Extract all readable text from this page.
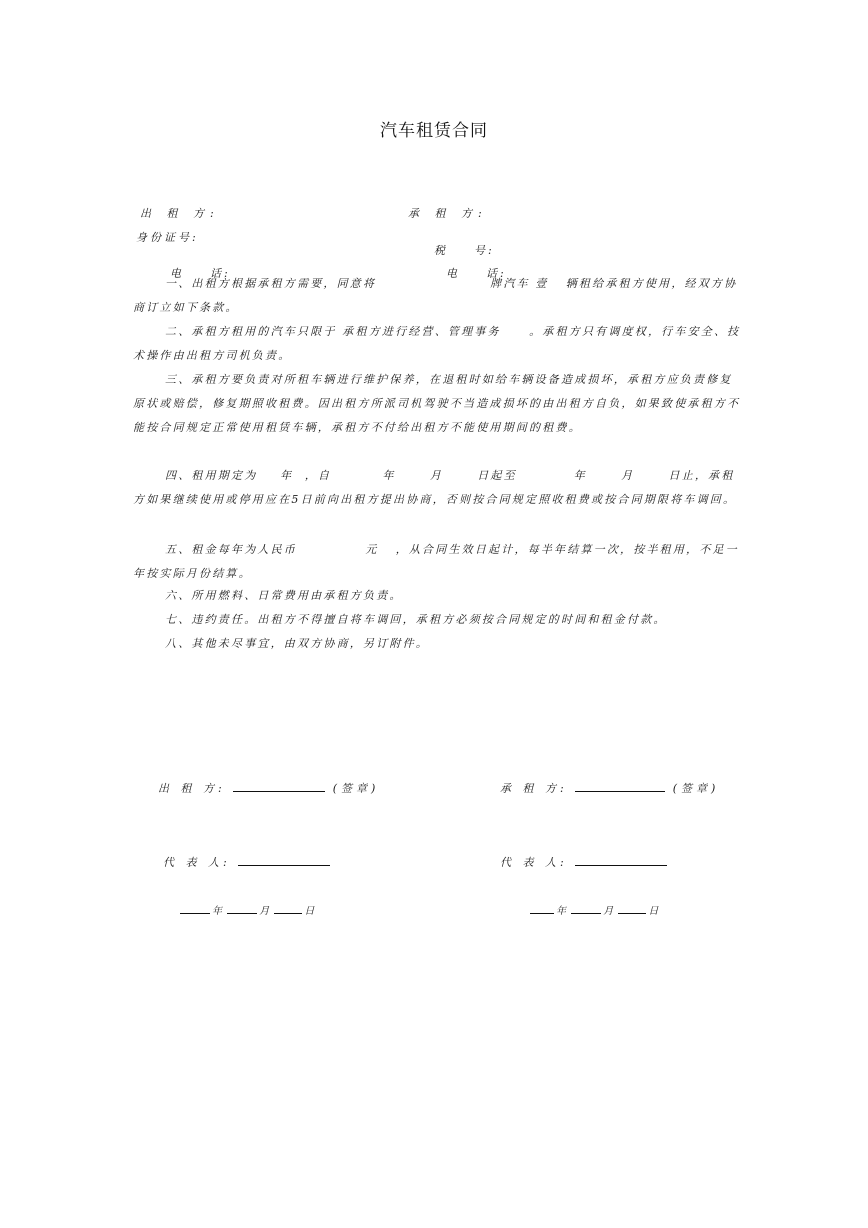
汽车租赁合同
出 租 方:	承 租 方:
身份证号:

税    号:

电    话:
	电    话:

一、出租方根据承租方需要，同意将                    牌汽车 壹   辆租给承租方使用，经双方协商订立如下条款。
二、承租方租用的汽车只限于 承租方进行经营、管理事务     。承租方只有调度权，行车安全、技术操作由出租方司机负责。
三、承租方要负责对所租车辆进行维护保养，在退租时如给车辆设备造成损坏，承租方应负责修复原状或赔偿，修复期照收租费。因出租方所派司机驾驶不当造成损坏的由出租方自负，如果致使承租方不能按合同规定正常使用租赁车辆，承租方不付给出租方不能使用期间的租费。
四、租用期定为    年  ，自         年      月      日起至          年      月      日止，承租方如果继续使用或停用应在5日前向出租方提出协商，否则按合同规定照收租费或按合同期限将车调回。
五、租金每年为人民币            元   ，从合同生效日起计，每半年结算一次，按半租用，不足一年按实际月份结算。
六、所用燃料、日常费用由承租方负责。
七、违约责任。出租方不得擅自将车调回，承租方必须按合同规定的时间和租金付款。
八、其他未尽事宜，由双方协商，另订附件。
出 租 方:	(签章)	承 租 方:	(签章)
代 表 人:	代 表 人:
年	月	日	年	月	日
